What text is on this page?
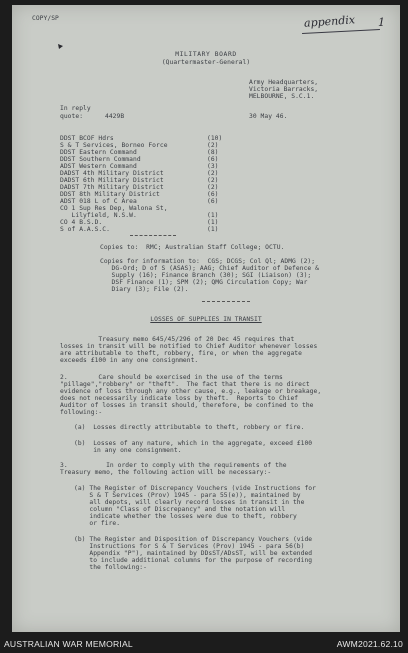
COPY/SP	appendix 1
MILITARY BOARD
(Quartermaster-General)
Army Headquarters,
Victoria Barracks,
MELBOURNE, S.C.1.
In reply
quote:	4429B	30 May 46.
DDST BCOF Hdrs	(10)
S & T Services, Borneo Force	(2)
DDST Eastern Command	(8)
DDST Southern Command	(6)
ADST Western Command	(3)
DADST 4th Military District	(2)
DADST 6th Military District	(2)
DADST 7th Military District	(2)
DDST 8th Military District	(6)
ADST 018 L of C Area	(6)
CO 1 Sup Res Dep, Walona St,
Lilyfield, N.S.W.	(1)
CO 4 B.S.D.	(1)
S of A.A.S.C.	(1)
Copies to:  RMC; Australian Staff College; OCTU.
Copies for information to:  CGS; DCGS; Col Ql; ADMG (2);
DG-Ord; D of S (ASAS); AAG; Chief Auditor of Defence &
Supply (16); Finance Branch (30); SGI (Liaison) (3);
DSF Finance (1); SPM (2); QMG Circulation Copy; War
Diary (3); File (2).
LOSSES OF SUPPLIES IN TRANSIT
Treasury memo 645/45/296 of 20 Dec 45 requires that
losses in transit will be notified to Chief Auditor whenever losses
are attributable to theft, robbery, fire, or when the aggregate
exceeds £100 in any one consignment.
2.        Care should be exercised in the use of the terms
"pillage","robbery" or "theft".  The fact that there is no direct
evidence of loss through any other cause, e.g., leakage or breakage,
does not necessarily indicate loss by theft.  Reports to Chief
Auditor of losses in transit should, therefore, be confined to the
following:-
(a)  Losses directly attributable to theft, robbery or fire.
(b)  Losses of any nature, which in the aggregate, exceed £100
in any one consignment.
3.          In order to comply with the requirements of the
Treasury memo, the following action will be necessary:-
(a) The Register of Discrepancy Vouchers (vide Instructions for
S & T Services (Prov) 1945 - para 55(e)), maintained by
all depots, will clearly record losses in transit in the
column "Class of Discrepancy" and the notation will
indicate whether the losses were due to theft, robbery
or fire.
(b) The Register and Disposition of Discrepancy Vouchers (vide
Instructions for S & T Services (Prov) 1945 - para 56(b)
Appendix "P"), maintained by DDsST/ADsST, will be extended
to include additional columns for the purpose of recording
the following:-
AUSTRALIAN WAR MEMORIAL	AWM2021.62.10
